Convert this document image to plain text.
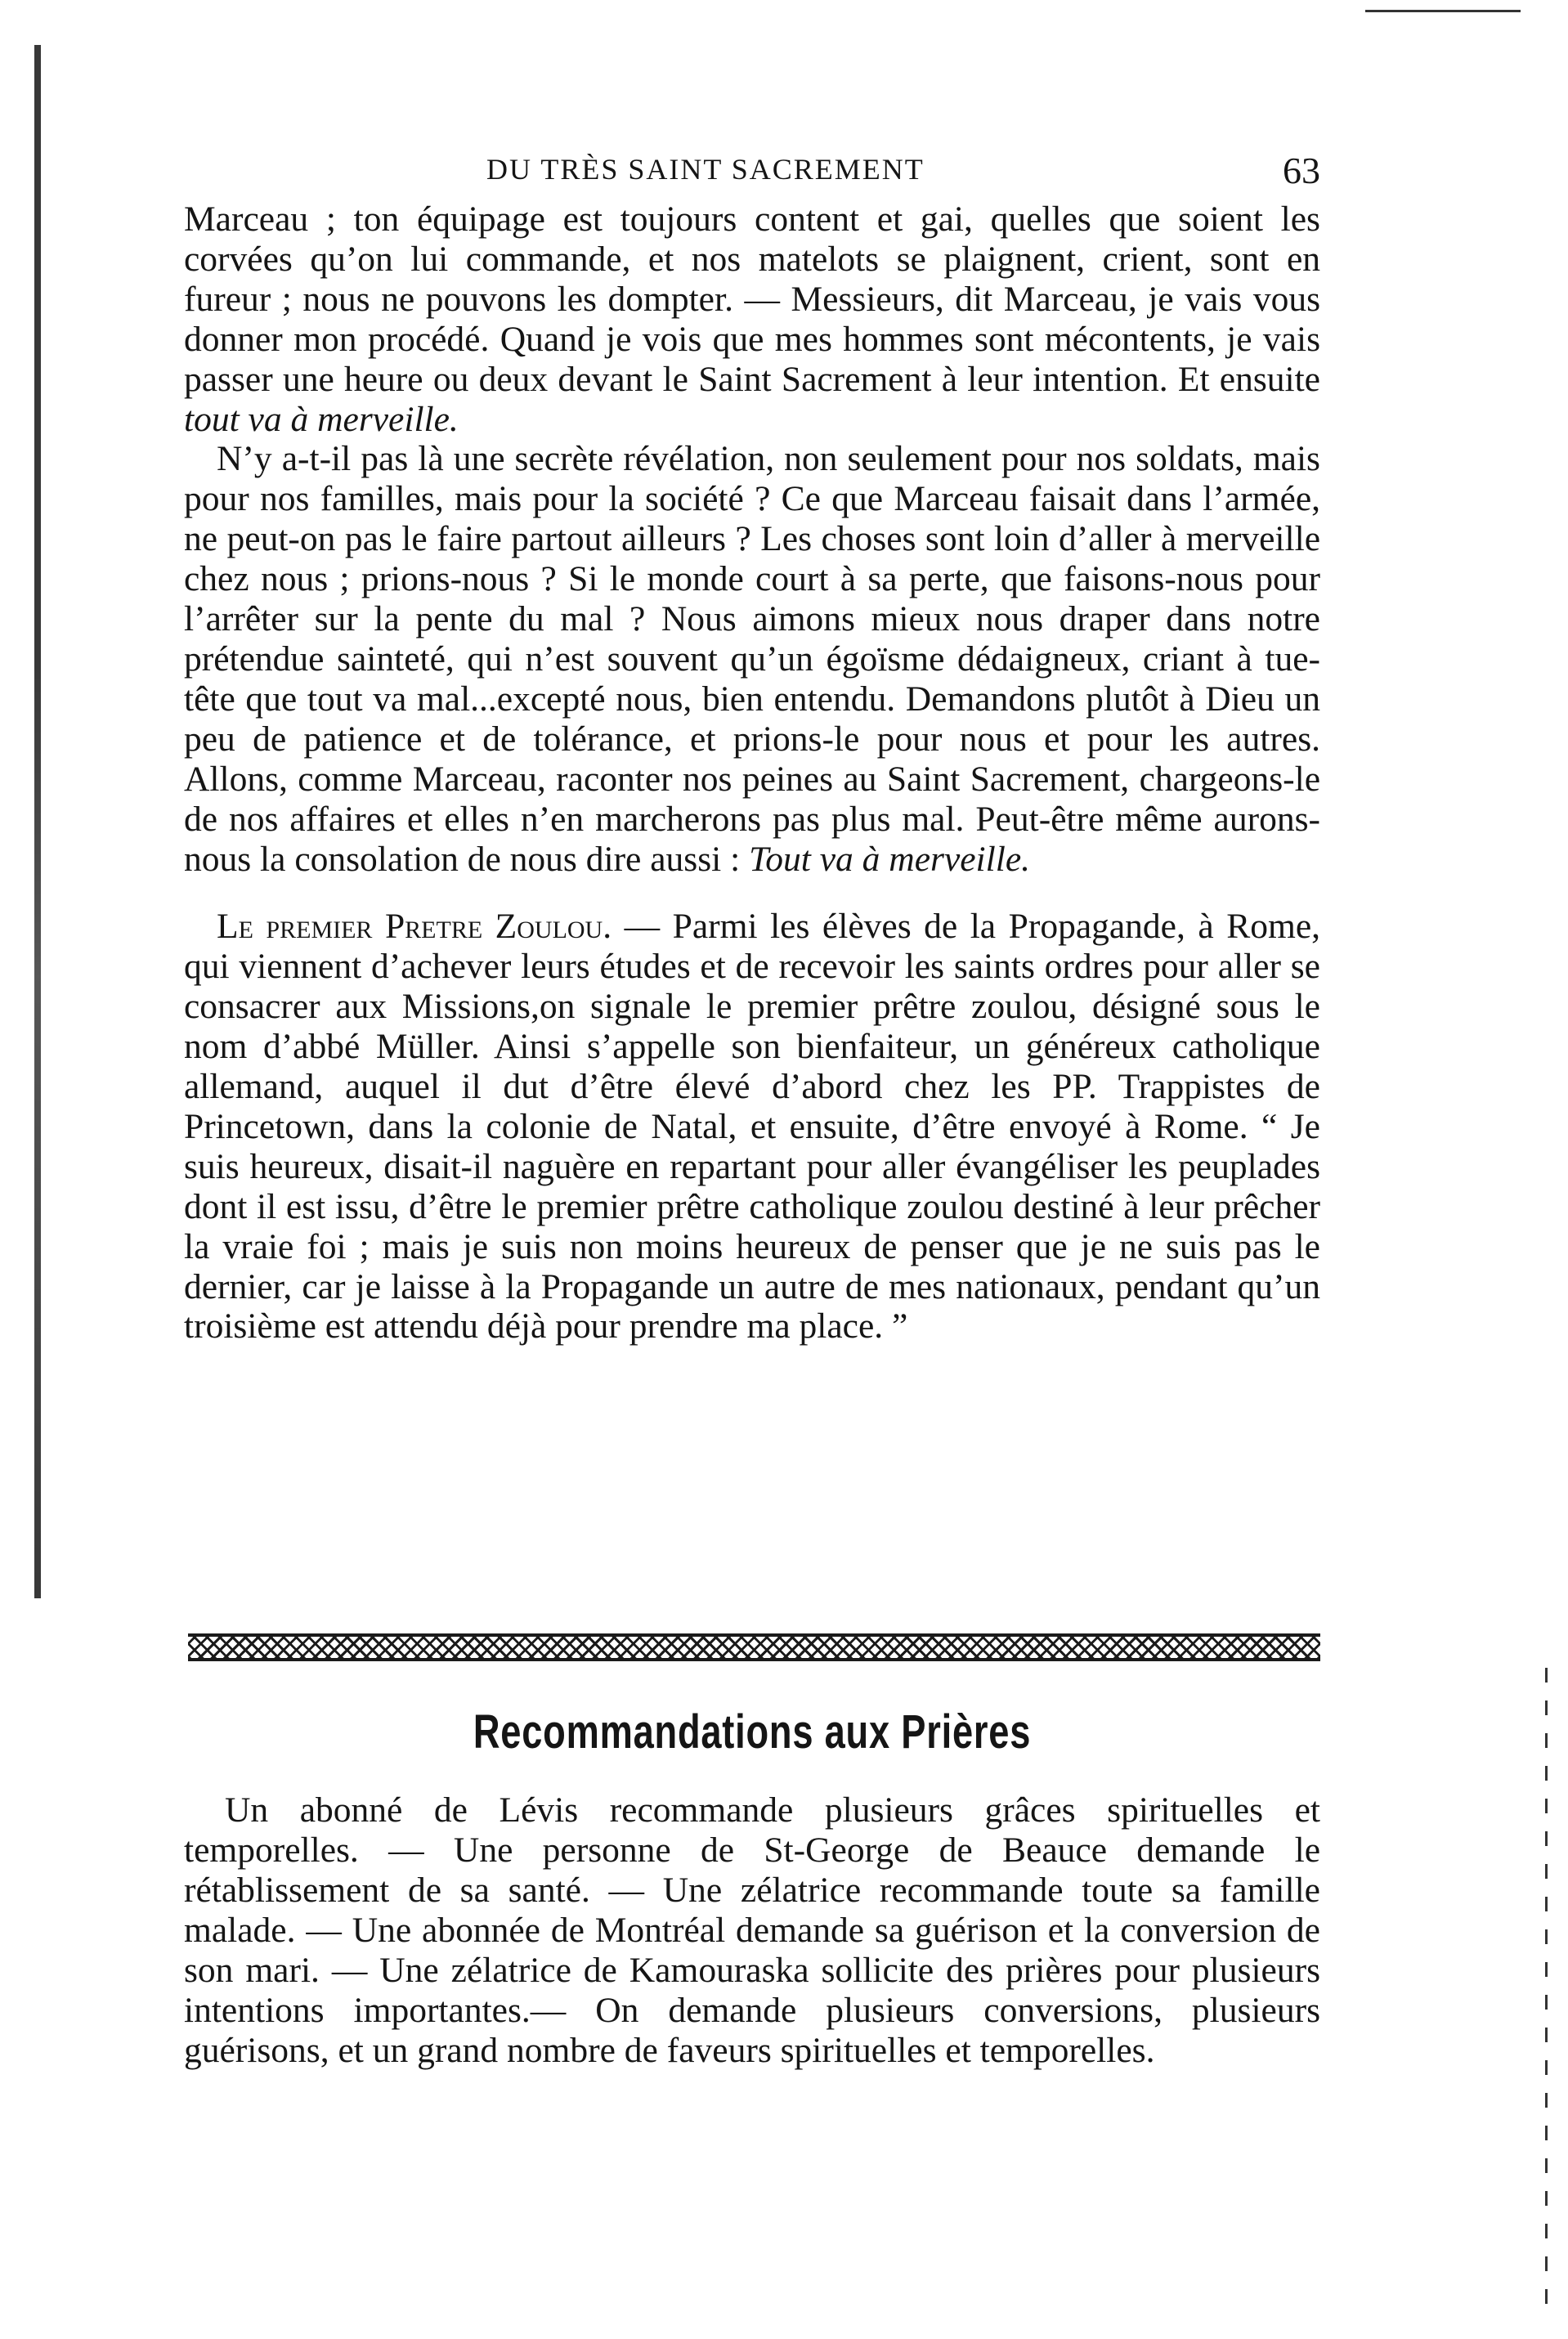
DU TRÈS SAINT SACREMENT	63

Marceau ; ton équipage est toujours content et gai, quelles que soient les corvées qu’on lui commande, et nos matelots se plaignent, crient, sont en fureur ; nous ne pouvons les dompter. — Messieurs, dit Marceau, je vais vous donner mon procédé. Quand je vois que mes hommes sont mécontents, je vais passer une heure ou deux devant le Saint Sacrement à leur intention. Et ensuite tout va à merveille.

N’y a-t-il pas là une secrète révélation, non seulement pour nos soldats, mais pour nos familles, mais pour la société ? Ce que Marceau faisait dans l’armée, ne peut-on pas le faire partout ailleurs ? Les choses sont loin d’aller à merveille chez nous ; prions-nous ? Si le monde court à sa perte, que faisons-nous pour l’arrêter sur la pente du mal ? Nous aimons mieux nous draper dans notre prétendue sainteté, qui n’est souvent qu’un égoïsme dédaigneux, criant à tue-tête que tout va mal...excepté nous, bien entendu. Demandons plutôt à Dieu un peu de patience et de tolérance, et prions-le pour nous et pour les autres. Allons, comme Marceau, raconter nos peines au Saint Sacrement, chargeons-le de nos affaires et elles n’en marcherons pas plus mal. Peut-être même aurons-nous la consolation de nous dire aussi : Tout va à merveille.

Le premier Pretre Zoulou. — Parmi les élèves de la Propagande, à Rome, qui viennent d’achever leurs études et de recevoir les saints ordres pour aller se consacrer aux Missions,on signale le premier prêtre zoulou, désigné sous le nom d’abbé Müller. Ainsi s’appelle son bienfaiteur, un généreux catholique allemand, auquel il dut d’être élevé d’abord chez les PP. Trappistes de Princetown, dans la colonie de Natal, et ensuite, d’être envoyé à Rome. “ Je suis heureux, disait-il naguère en repartant pour aller évangéliser les peuplades dont il est issu, d’être le premier prêtre catholique zoulou destiné à leur prêcher la vraie foi ; mais je suis non moins heureux de penser que je ne suis pas le dernier, car je laisse à la Propagande un autre de mes nationaux, pendant qu’un troisième est attendu déjà pour prendre ma place. ”

Recommandations aux Prières

Un abonné de Lévis recommande plusieurs grâces spirituelles et temporelles. — Une personne de St-George de Beauce demande le rétablissement de sa santé. — Une zélatrice recommande toute sa famille malade. — Une abonnée de Montréal demande sa guérison et la conversion de son mari. — Une zélatrice de Kamouraska sollicite des prières pour plusieurs intentions importantes.— On demande plusieurs conversions, plusieurs guérisons, et un grand nombre de faveurs spirituelles et temporelles.
